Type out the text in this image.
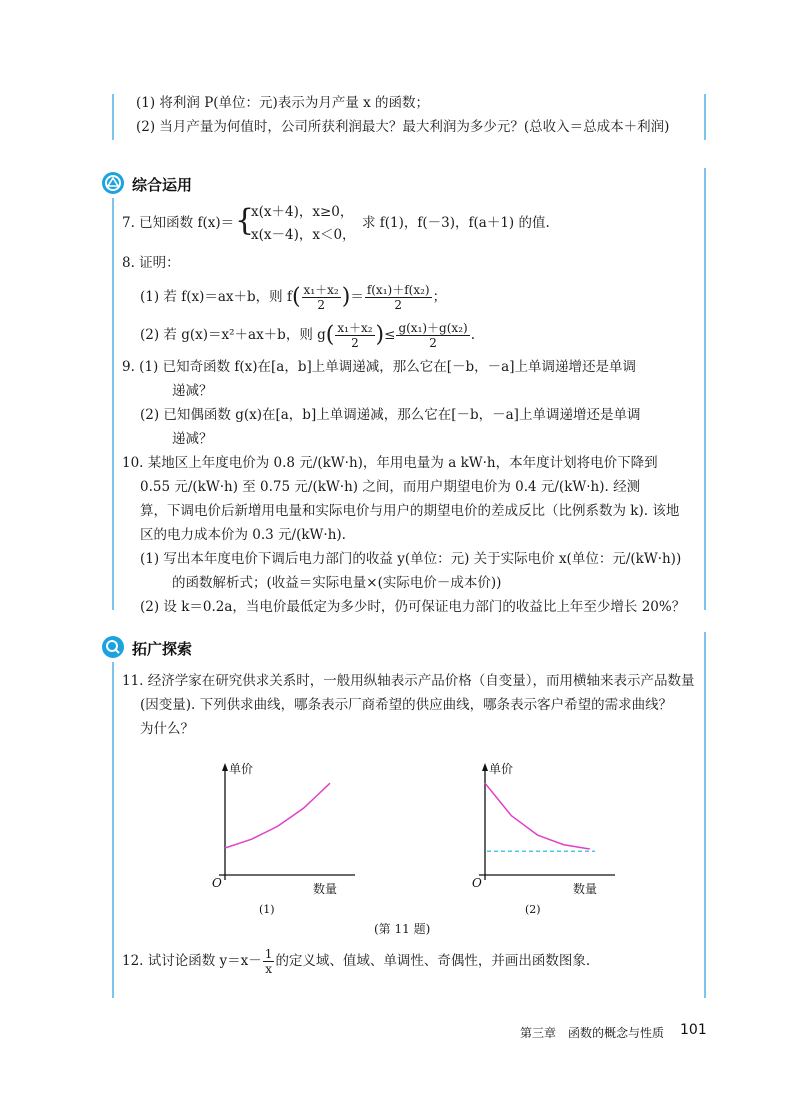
(1) 将利润 P(单位：元)表示为月产量 x 的函数；
(2) 当月产量为何值时，公司所获利润最大？最大利润为多少元？(总收入＝总成本＋利润)
综合运用
7. 已知函数 f(x)＝ {
x(x＋4)，x≥0，
x(x－4)，x＜0，
求 f(1)，f(－3)，f(a＋1) 的值.
8. 证明：
(1) 若 f(x)＝ax＋b，则 $f( \frac{\text{x₁＋x₂}}{2}$ )＝ $\frac{\text{f(x₁)＋f(x₂)}}{2}$ ；
(2) 若 g(x)＝x²＋ax＋b，则 $g( \frac{\text{x₁＋x₂}}{2}$ )≤ $\frac{\text{g(x₁)＋g(x₂)}}{2}$ .
9. (1) 已知奇函数 f(x)在[a，b]上单调递减，那么它在[－b，－a]上单调递增还是单调
递减？
(2) 已知偶函数 g(x)在[a，b]上单调递减，那么它在[－b，－a]上单调递增还是单调
递减？
10. 某地区上年度电价为 0.8 元/(kW·h)，年用电量为 a kW·h，本年度计划将电价下降到
0.55 元/(kW·h) 至 0.75 元/(kW·h) 之间，而用户期望电价为 0.4 元/(kW·h). 经测
算，下调电价后新增用电量和实际电价与用户的期望电价的差成反比（比例系数为 k). 该地
区的电力成本价为 0.3 元/(kW·h).
(1) 写出本年度电价下调后电力部门的收益 y(单位：元) 关于实际电价 x(单位：元/(kW·h))
的函数解析式；(收益＝实际电量×(实际电价－成本价))
(2) 设 k＝0.2a，当电价最低定为多少时，仍可保证电力部门的收益比上年至少增长 20%？
拓广探索
11. 经济学家在研究供求关系时，一般用纵轴表示产品价格（自变量），而用横轴来表示产品数量
(因变量). 下列供求曲线，哪条表示厂商希望的供应曲线，哪条表示客户希望的需求曲线？
为什么？
单价
O	数量
(1)
单价
O	数量
(2)
(第 11 题)
12. 试讨论函数 $y=x- \frac{1}{x}$ 的定义域、值域、单调性、奇偶性，并画出函数图象.
第三章　函数的概念与性质 101
